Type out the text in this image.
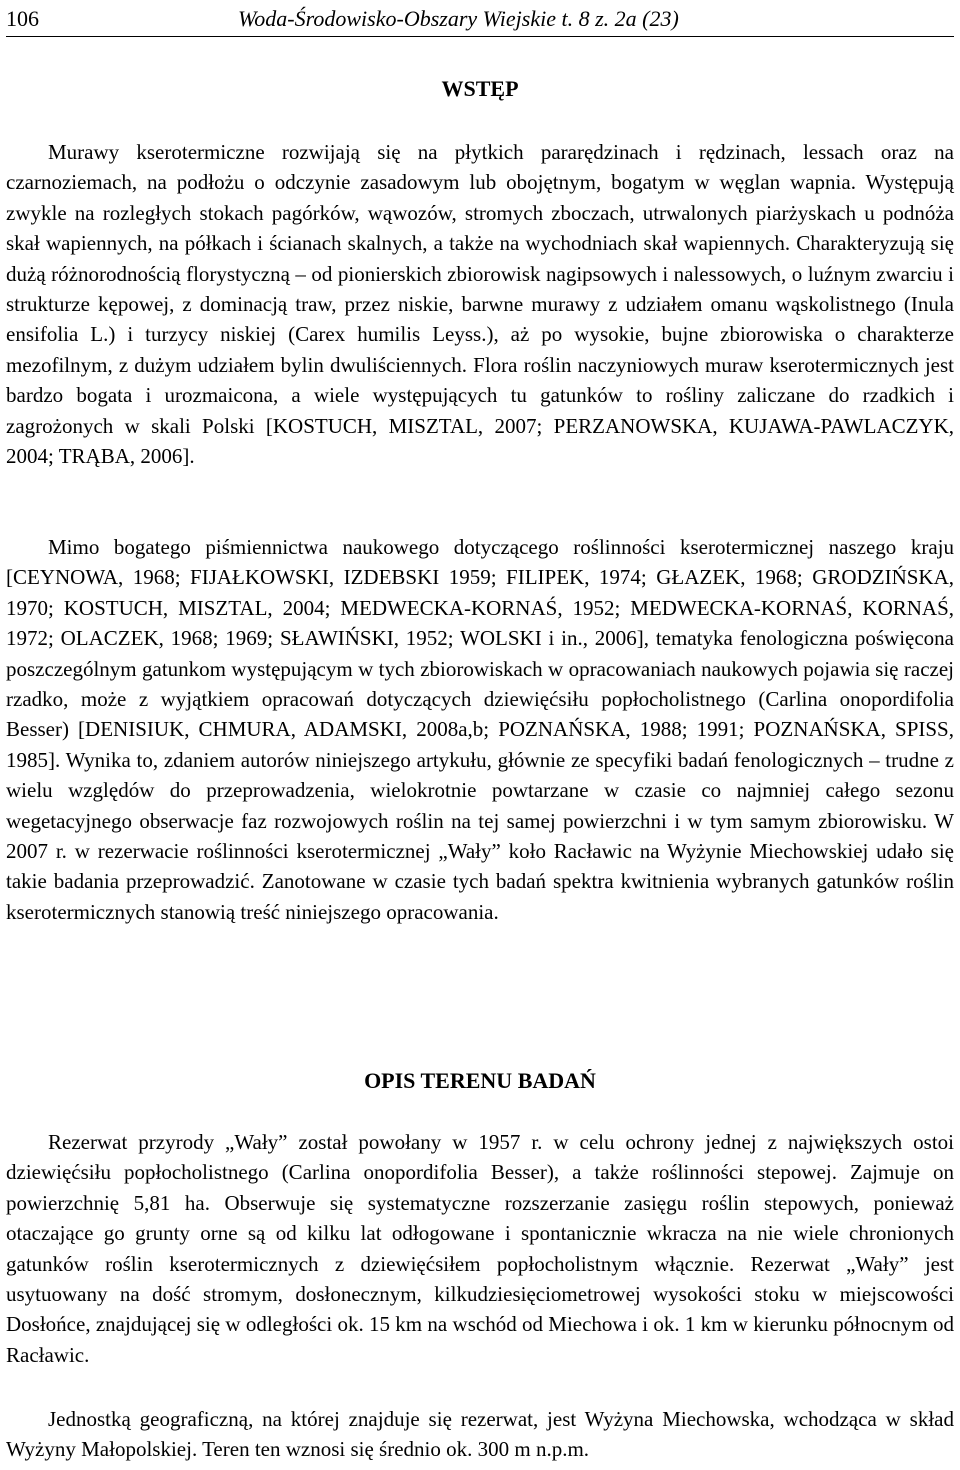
106	Woda-Środowisko-Obszary Wiejskie t. 8 z. 2a (23)
WSTĘP

Murawy kserotermiczne rozwijają się na płytkich pararędzinach i rędzinach, lessach oraz na czarnoziemach, na podłożu o odczynie zasadowym lub obojętnym, bogatym w węglan wapnia. Występują zwykle na rozległych stokach pagórków, wąwozów, stromych zboczach, utrwalonych piarżyskach u podnóża skał wapiennych, na półkach i ścianach skalnych, a także na wychodniach skał wapiennych. Charakteryzują się dużą różnorodnością florystyczną – od pionierskich zbiorowisk nagipsowych i nalessowych, o luźnym zwarciu i strukturze kępowej, z dominacją traw, przez niskie, barwne murawy z udziałem omanu wąskolistnego (Inula ensifolia L.) i turzycy niskiej (Carex humilis Leyss.), aż po wysokie, bujne zbiorowiska o charakterze mezofilnym, z dużym udziałem bylin dwuliściennych. Flora roślin naczyniowych muraw kserotermicznych jest bardzo bogata i urozmaicona, a wiele występujących tu gatunków to rośliny zaliczane do rzadkich i zagrożonych w skali Polski [KOSTUCH, MISZTAL, 2007; PERZANOWSKA, KUJAWA-PAWLACZYK, 2004; TRĄBA, 2006].

Mimo bogatego piśmiennictwa naukowego dotyczącego roślinności kserotermicznej naszego kraju [CEYNOWA, 1968; FIJAŁKOWSKI, IZDEBSKI 1959; FILIPEK, 1974; GŁAZEK, 1968; GRODZIŃSKA, 1970; KOSTUCH, MISZTAL, 2004; MEDWECKA-KORNAŚ, 1952; MEDWECKA-KORNAŚ, KORNAŚ, 1972; OLACZEK, 1968; 1969; SŁAWIŃSKI, 1952; WOLSKI i in., 2006], tematyka fenologiczna poświęcona poszczególnym gatunkom występującym w tych zbiorowiskach w opracowaniach naukowych pojawia się raczej rzadko, może z wyjątkiem opracowań dotyczących dziewięćsiłu popłocholistnego (Carlina onopordifolia Besser) [DENISIUK, CHMURA, ADAMSKI, 2008a,b; POZNAŃSKA, 1988; 1991; POZNAŃSKA, SPISS, 1985]. Wynika to, zdaniem autorów niniejszego artykułu, głównie ze specyfiki badań fenologicznych – trudne z wielu względów do przeprowadzenia, wielokrotnie powtarzane w czasie co najmniej całego sezonu wegetacyjnego obserwacje faz rozwojowych roślin na tej samej powierzchni i w tym samym zbiorowisku. W 2007 r. w rezerwacie roślinności kserotermicznej „Wały” koło Racławic na Wyżynie Miechowskiej udało się takie badania przeprowadzić. Zanotowane w czasie tych badań spektra kwitnienia wybranych gatunków roślin kserotermicznych stanowią treść niniejszego opracowania.

OPIS TERENU BADAŃ

Rezerwat przyrody „Wały” został powołany w 1957 r. w celu ochrony jednej z największych ostoi dziewięćsiłu popłocholistnego (Carlina onopordifolia Besser), a także roślinności stepowej. Zajmuje on powierzchnię 5,81 ha. Obserwuje się systematyczne rozszerzanie zasięgu roślin stepowych, ponieważ otaczające go grunty orne są od kilku lat odłogowane i spontanicznie wkracza na nie wiele chronionych gatunków roślin kserotermicznych z dziewięćsiłem popłocholistnym włącznie. Rezerwat „Wały” jest usytuowany na dość stromym, dosłonecznym, kilkudziesięciometrowej wysokości stoku w miejscowości Dosłońce, znajdującej się w odległości ok. 15 km na wschód od Miechowa i ok. 1 km w kierunku północnym od Racławic.

Jednostką geograficzną, na której znajduje się rezerwat, jest Wyżyna Miechowska, wchodząca w skład Wyżyny Małopolskiej. Teren ten wznosi się średnio ok. 300 m n.p.m.
